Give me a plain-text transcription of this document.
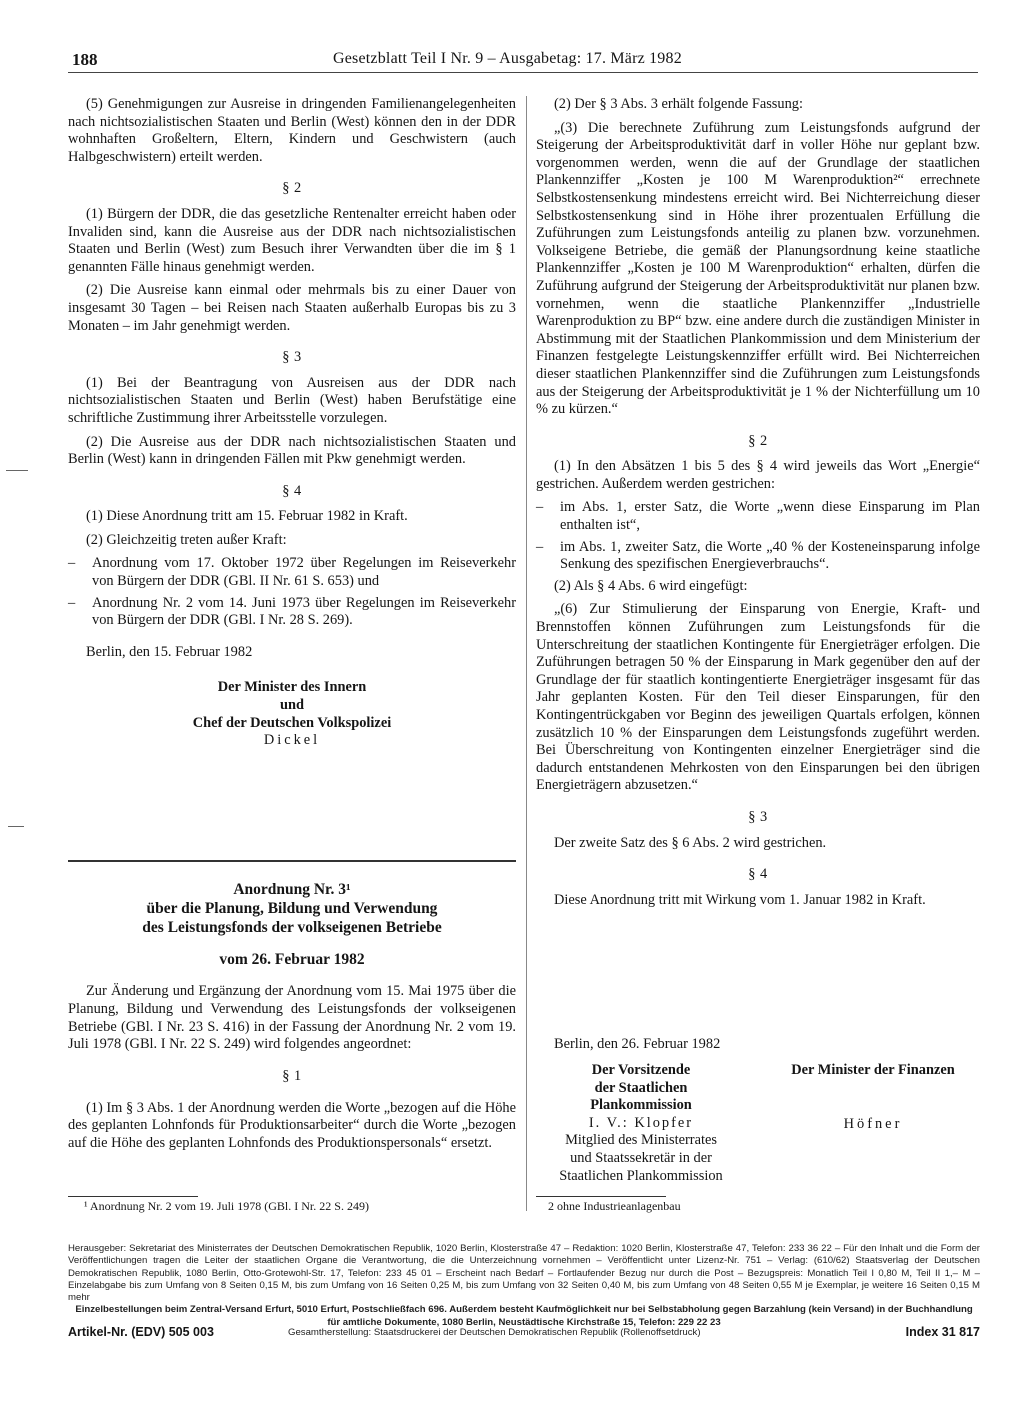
188	Gesetzblatt Teil I Nr. 9 – Ausgabetag: 17. März 1982

(5) Genehmigungen zur Ausreise in dringenden Familienangelegenheiten nach nichtsozialistischen Staaten und Berlin (West) können den in der DDR wohnhaften Großeltern, Eltern, Kindern und Geschwistern (auch Halbgeschwistern) erteilt werden.

§ 2

(1) Bürgern der DDR, die das gesetzliche Rentenalter erreicht haben oder Invaliden sind, kann die Ausreise aus der DDR nach nichtsozialistischen Staaten und Berlin (West) zum Besuch ihrer Verwandten über die im § 1 genannten Fälle hinaus genehmigt werden.

(2) Die Ausreise kann einmal oder mehrmals bis zu einer Dauer von insgesamt 30 Tagen – bei Reisen nach Staaten außerhalb Europas bis zu 3 Monaten – im Jahr genehmigt werden.

§ 3

(1) Bei der Beantragung von Ausreisen aus der DDR nach nichtsozialistischen Staaten und Berlin (West) haben Berufstätige eine schriftliche Zustimmung ihrer Arbeitsstelle vorzulegen.

(2) Die Ausreise aus der DDR nach nichtsozialistischen Staaten und Berlin (West) kann in dringenden Fällen mit Pkw genehmigt werden.

§ 4

(1) Diese Anordnung tritt am 15. Februar 1982 in Kraft.

(2) Gleichzeitig treten außer Kraft:

– Anordnung vom 17. Oktober 1972 über Regelungen im Reiseverkehr von Bürgern der DDR (GBl. II Nr. 61 S. 653) und

– Anordnung Nr. 2 vom 14. Juni 1973 über Regelungen im Reiseverkehr von Bürgern der DDR (GBl. I Nr. 28 S. 269).

Berlin, den 15. Februar 1982

Der Minister des Innern

und

Chef der Deutschen Volkspolizei

Dickel

Anordnung Nr. 3¹

über die Planung, Bildung und Verwendung

des Leistungsfonds der volkseigenen Betriebe

vom 26. Februar 1982

Zur Änderung und Ergänzung der Anordnung vom 15. Mai 1975 über die Planung, Bildung und Verwendung des Leistungsfonds der volkseigenen Betriebe (GBl. I Nr. 23 S. 416) in der Fassung der Anordnung Nr. 2 vom 19. Juli 1978 (GBl. I Nr. 22 S. 249) wird folgendes angeordnet:

§ 1

(1) Im § 3 Abs. 1 der Anordnung werden die Worte „bezogen auf die Höhe des geplanten Lohnfonds für Produktionsarbeiter“ durch die Worte „bezogen auf die Höhe des geplanten Lohnfonds des Produktionspersonals“ ersetzt.

¹ Anordnung Nr. 2 vom 19. Juli 1978 (GBl. I Nr. 22 S. 249)

(2) Der § 3 Abs. 3 erhält folgende Fassung:

„(3) Die berechnete Zuführung zum Leistungsfonds aufgrund der Steigerung der Arbeitsproduktivität darf in voller Höhe nur geplant bzw. vorgenommen werden, wenn die auf der Grundlage der staatlichen Plankennziffer „Kosten je 100 M Warenproduktion²“ errechnete Selbstkostensenkung mindestens erreicht wird. Bei Nichterreichung dieser Selbstkostensenkung sind in Höhe ihrer prozentualen Erfüllung die Zuführungen zum Leistungsfonds anteilig zu planen bzw. vorzunehmen. Volkseigene Betriebe, die gemäß der Planungsordnung keine staatliche Plankennziffer „Kosten je 100 M Warenproduktion“ erhalten, dürfen die Zuführung aufgrund der Steigerung der Arbeitsproduktivität nur planen bzw. vornehmen, wenn die staatliche Plankennziffer „Industrielle Warenproduktion zu BP“ bzw. eine andere durch die zuständigen Minister in Abstimmung mit der Staatlichen Plankommission und dem Ministerium der Finanzen festgelegte Leistungskennziffer erfüllt wird. Bei Nichterreichen dieser staatlichen Plankennziffer sind die Zuführungen zum Leistungsfonds aus der Steigerung der Arbeitsproduktivität je 1 % der Nichterfüllung um 10 % zu kürzen.“

§ 2

(1) In den Absätzen 1 bis 5 des § 4 wird jeweils das Wort „Energie“ gestrichen. Außerdem werden gestrichen:

– im Abs. 1, erster Satz, die Worte „wenn diese Einsparung im Plan enthalten ist“,

– im Abs. 1, zweiter Satz, die Worte „40 % der Kosteneinsparung infolge Senkung des spezifischen Energieverbrauchs“.

(2) Als § 4 Abs. 6 wird eingefügt:

„(6) Zur Stimulierung der Einsparung von Energie, Kraft- und Brennstoffen können Zuführungen zum Leistungsfonds für die Unterschreitung der staatlichen Kontingente für Energieträger erfolgen. Die Zuführungen betragen 50 % der Einsparung in Mark gegenüber den auf der Grundlage der für staatlich kontingentierte Energieträger insgesamt für das Jahr geplanten Kosten. Für den Teil dieser Einsparungen, für den Kontingentrückgaben vor Beginn des jeweiligen Quartals erfolgen, können zusätzlich 10 % der Einsparungen dem Leistungsfonds zugeführt werden. Bei Überschreitung von Kontingenten einzelner Energieträger sind die dadurch entstandenen Mehrkosten von den Einsparungen bei den übrigen Energieträgern abzusetzen.“

§ 3

Der zweite Satz des § 6 Abs. 2 wird gestrichen.

§ 4

Diese Anordnung tritt mit Wirkung vom 1. Januar 1982 in Kraft.

Berlin, den 26. Februar 1982

Der Vorsitzende
der Staatlichen
Plankommission
I. V.: Klopfer
Mitglied des Ministerrates
und Staatssekretär in der
Staatlichen Plankommission
Der Minister der Finanzen
Höfner
2 ohne Industrieanlagenbau

Herausgeber: Sekretariat des Ministerrates der Deutschen Demokratischen Republik, 1020 Berlin, Klosterstraße 47 – Redaktion: 1020 Berlin, Klosterstraße 47, Telefon: 233 36 22 – Für den Inhalt und die Form der Veröffentlichungen tragen die Leiter der staatlichen Organe die Verantwortung, die die Unterzeichnung vornehmen – Veröffentlicht unter Lizenz-Nr. 751 – Verlag: (610/62) Staatsverlag der Deutschen Demokratischen Republik, 1080 Berlin, Otto-Grotewohl-Str. 17, Telefon: 233 45 01 – Erscheint nach Bedarf – Fortlaufender Bezug nur durch die Post – Bezugspreis: Monatlich Teil I 0,80 M, Teil II 1,– M – Einzelabgabe bis zum Umfang von 8 Seiten 0,15 M, bis zum Umfang von 16 Seiten 0,25 M, bis zum Umfang von 32 Seiten 0,40 M, bis zum Umfang von 48 Seiten 0,55 M je Exemplar, je weitere 16 Seiten 0,15 M mehr

Einzelbestellungen beim Zentral-Versand Erfurt, 5010 Erfurt, Postschließfach 696. Außerdem besteht Kaufmöglichkeit nur bei Selbstabholung gegen Barzahlung (kein Versand) in der Buchhandlung für amtliche Dokumente, 1080 Berlin, Neustädtische Kirchstraße 15, Telefon: 229 22 23

Artikel-Nr. (EDV) 505 003	Gesamtherstellung: Staatsdruckerei der Deutschen Demokratischen Republik (Rollenoffsetdruck)	Index 31 817
